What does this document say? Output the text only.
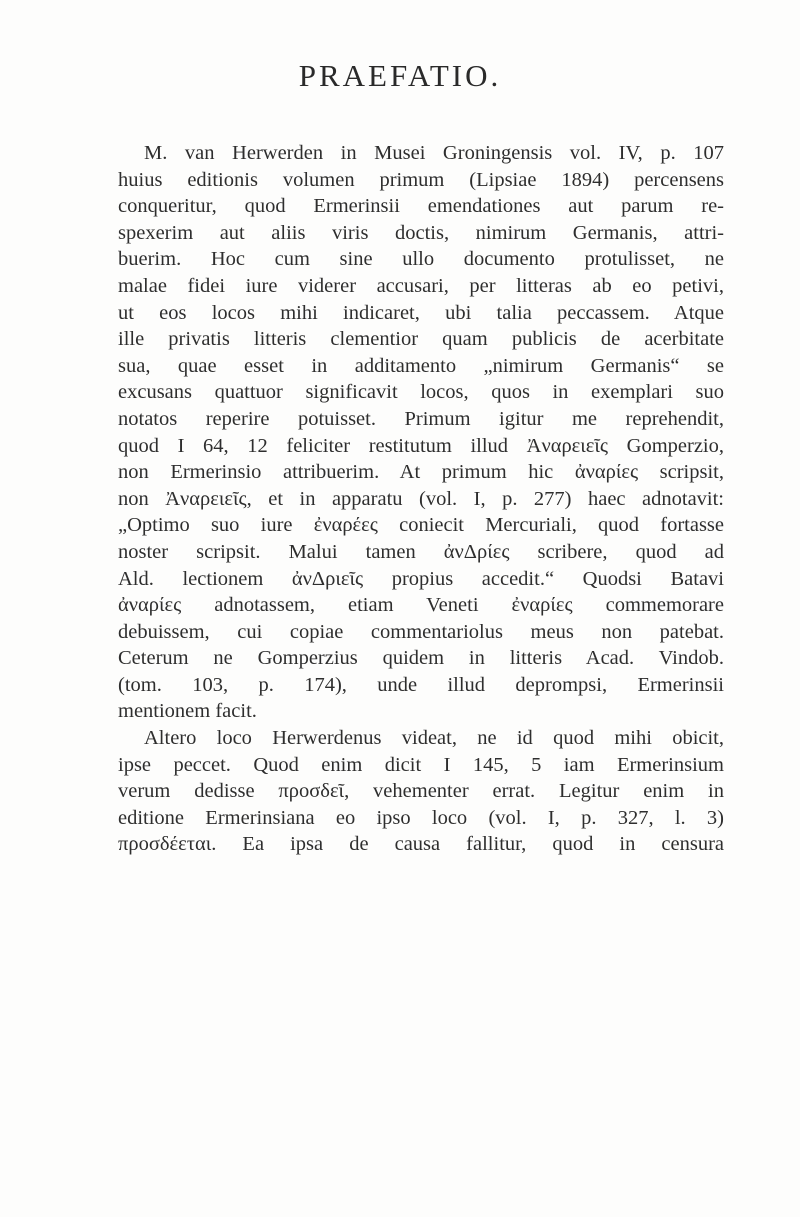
PRAEFATIO.
M. van Herwerden in Musei Groningensis vol. IV, p. 107
huius editionis volumen primum (Lipsiae 1894) percensens
conqueritur, quod Ermerinsii emendationes aut parum re-
spexerim aut aliis viris doctis, nimirum Germanis, attri-
buerim. Hoc cum sine ullo documento protulisset, ne
malae fidei iure viderer accusari, per litteras ab eo petivi,
ut eos locos mihi indicaret, ubi talia peccassem. Atque
ille privatis litteris clementior quam publicis de acerbitate
sua, quae esset in additamento „nimirum Germanis“ se
excusans quattuor significavit locos, quos in exemplari suo
notatos reperire potuisset. Primum igitur me reprehendit,
quod I 64, 12 feliciter restitutum illud Ἀναρειεῖς Gomperzio,
non Ermerinsio attribuerim. At primum hic ἀναρίες scripsit,
non Ἀναρειεῖς, et in apparatu (vol. I, p. 277) haec adnotavit:
„Optimo suo iure ἐναρέες coniecit Mercuriali, quod fortasse
noster scripsit. Malui tamen ἀνΔρίες scribere, quod ad
Ald. lectionem ἀνΔριεῖς propius accedit.“ Quodsi Batavi
ἀναρίες adnotassem, etiam Veneti ἐναρίες commemorare
debuissem, cui copiae commentariolus meus non patebat.
Ceterum ne Gomperzius quidem in litteris Acad. Vindob.
(tom. 103, p. 174), unde illud deprompsi, Ermerinsii
mentionem facit.
Altero loco Herwerdenus videat, ne id quod mihi obicit,
ipse peccet. Quod enim dicit I 145, 5 iam Ermerinsium
verum dedisse προσδεῖ, vehementer errat. Legitur enim in
editione Ermerinsiana eo ipso loco (vol. I, p. 327, l. 3)
προσδέεται. Ea ipsa de causa fallitur, quod in censura
